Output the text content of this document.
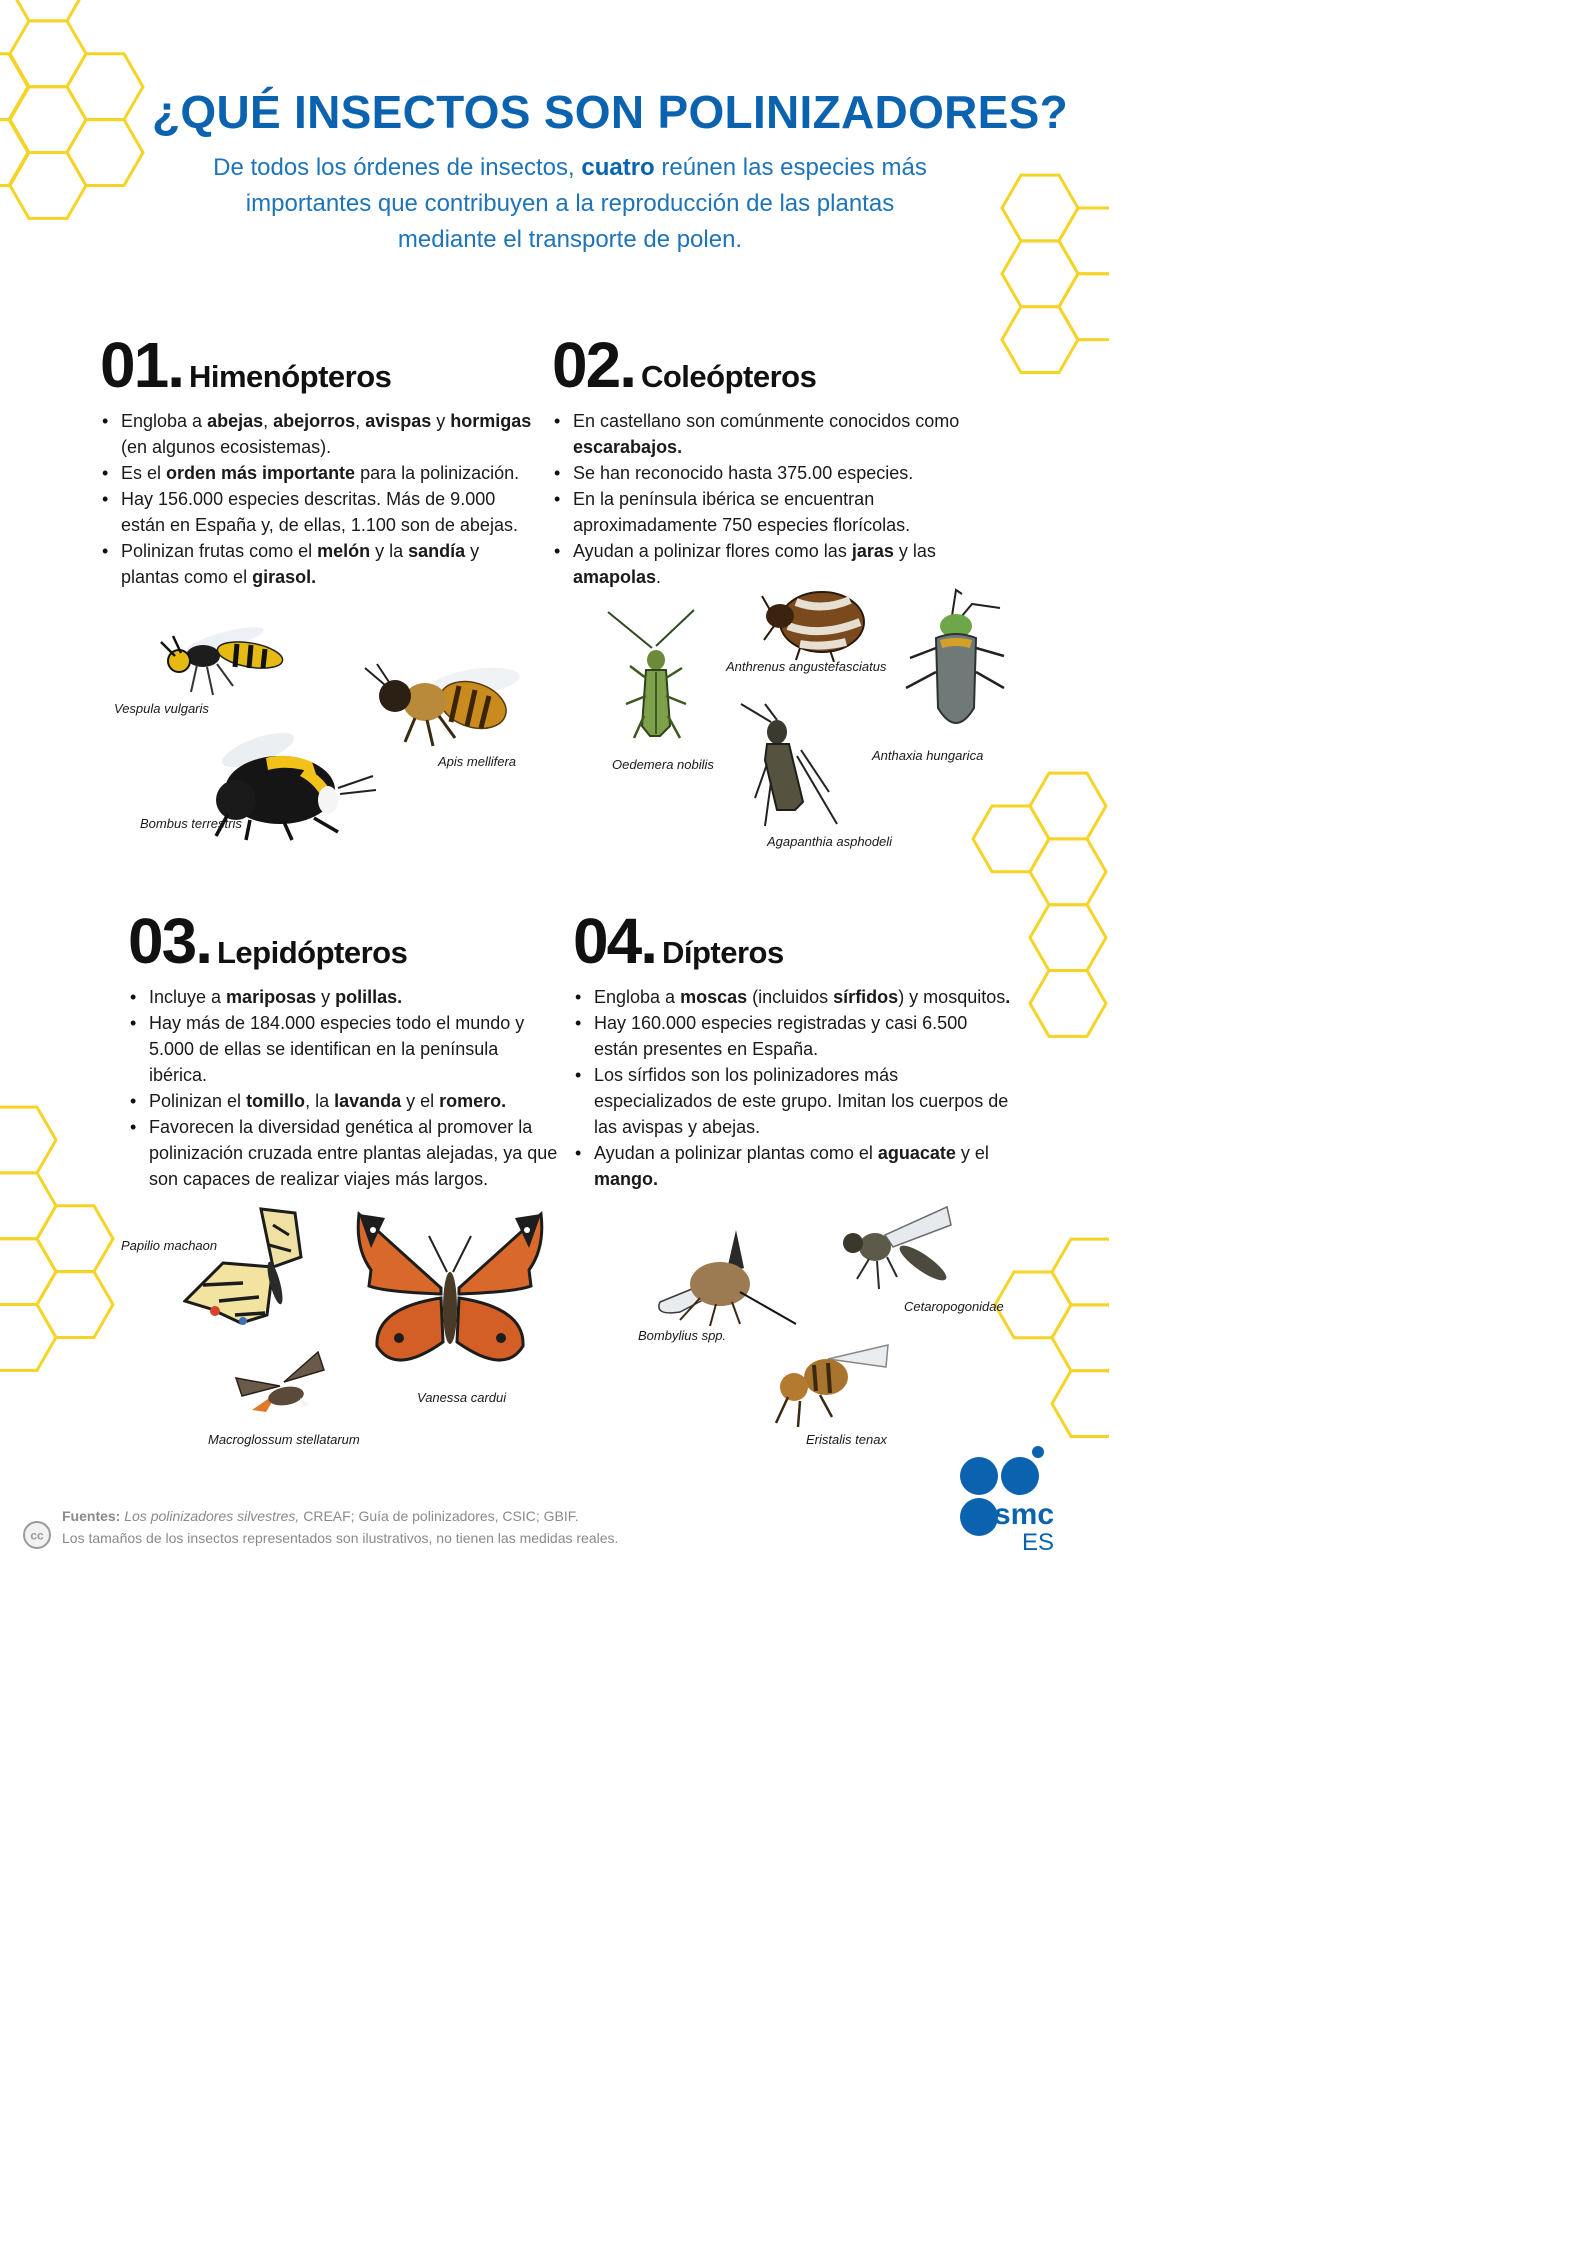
¿QUÉ INSECTOS SON POLINIZADORES?
De todos los órdenes de insectos, cuatro reúnen las especies más importantes que contribuyen a la reproducción de las plantas mediante el transporte de polen.
01. Himenópteros
• Engloba a abejas, abejorros, avispas y hormigas (en algunos ecosistemas).
• Es el orden más importante para la polinización.
• Hay 156.000 especies descritas. Más de 9.000 están en España y, de ellas, 1.100 son de abejas.
• Polinizan frutas como el melón y la sandía y plantas como el girasol.
02. Coleópteros
• En castellano son comúnmente conocidos como escarabajos.
• Se han reconocido hasta 375.00 especies.
• En la península ibérica se encuentran aproximadamente 750 especies florícolas.
• Ayudan a polinizar flores como las jaras y las amapolas.
03. Lepidópteros
• Incluye a mariposas y polillas.
• Hay más de 184.000 especies todo el mundo y 5.000 de ellas se identifican en la península ibérica.
• Polinizan el tomillo, la lavanda y el romero.
• Favorecen la diversidad genética al promover la polinización cruzada entre plantas alejadas, ya que son capaces de realizar viajes más largos.
04. Dípteros
• Engloba a moscas (incluidos sírfidos) y mosquitos.
• Hay 160.000 especies registradas y casi 6.500 están presentes en España.
• Los sírfidos son los polinizadores más especializados de este grupo. Imitan los cuerpos de las avispas y abejas.
• Ayudan a polinizar plantas como el aguacate y el mango.
Vespula vulgaris
Apis mellifera
Bombus terrestris
Anthrenus angustefasciatus
Oedemera nobilis
Anthaxia hungarica
Agapanthia asphodeli
Papilio machaon
Vanessa cardui
Macroglossum stellatarum
Bombylius spp.
Cetaropogonidae
Eristalis tenax
cc
Fuentes: Los polinizadores silvestres, CREAF; Guía de polinizadores, CSIC; GBIF.
Los tamaños de los insectos representados son ilustrativos, no tienen las medidas reales.
smc
ES
